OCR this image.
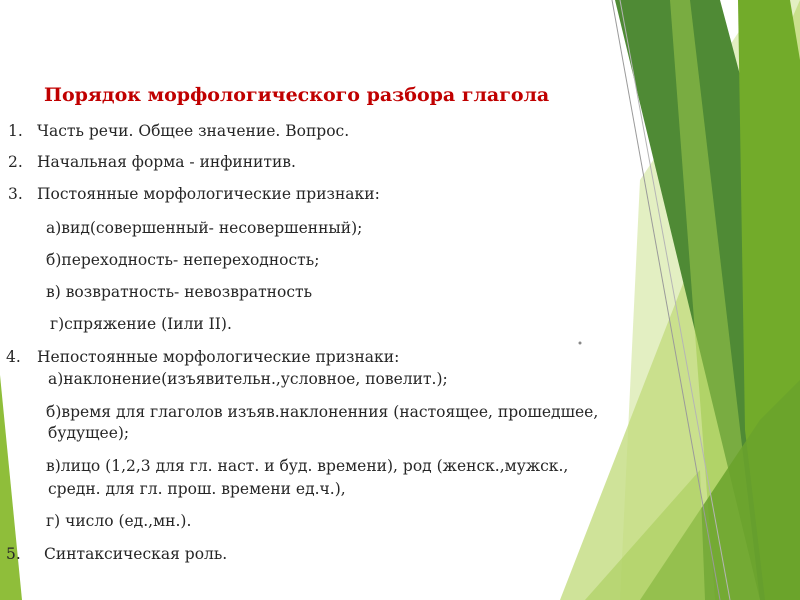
Порядок морфологического разбора глагола
1. Часть речи. Общее значение. Вопрос.
2. Начальная форма - инфинитив.
3. Постоянные морфологические признаки:
а)вид(совершенный- несовершенный);
б)переходность- непереходность;
в) возвратность- невозвратность
г)спряжение (Iили II).
4. Непостоянные морфологические признаки:
а)наклонение(изъявительн.,условное, повелит.);
б)время для глаголов изъяв.наклоненния (настоящее, прошедшее,
будущее);
в)лицо (1,2,3 для гл. наст. и буд. времени), род (женск.,мужск.,
средн. для гл. прош. времени ед.ч.),
г) число (ед.,мн.).
5. Синтаксическая роль.
